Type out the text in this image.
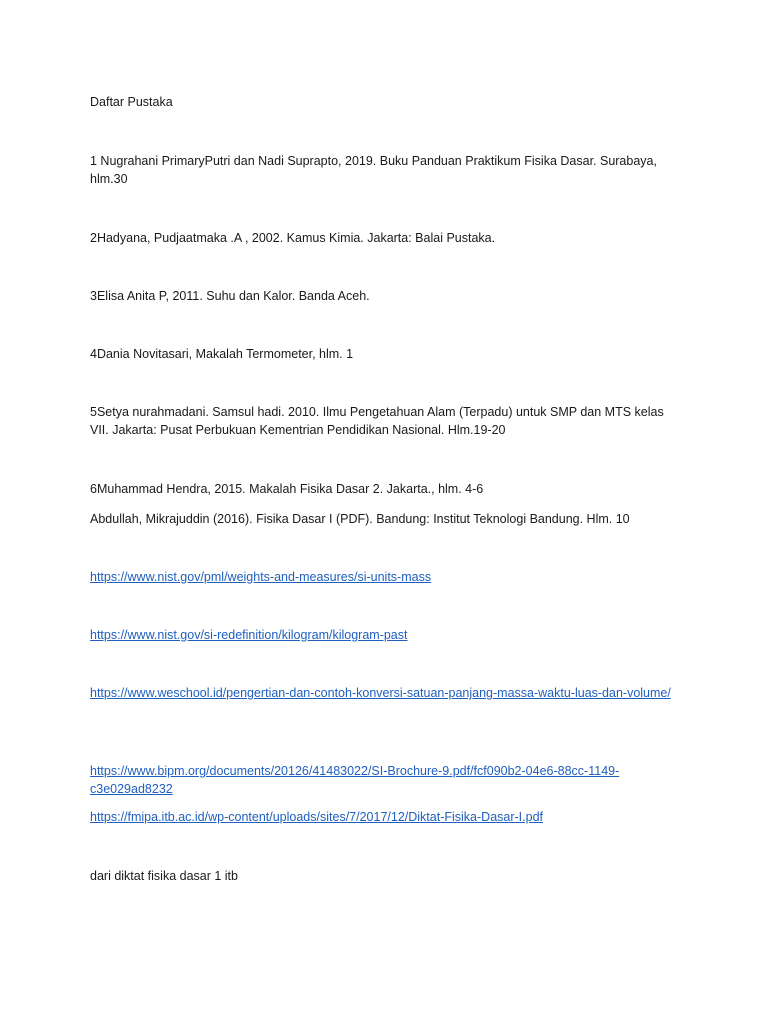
Daftar Pustaka
1 Nugrahani PrimaryPutri dan Nadi Suprapto, 2019. Buku Panduan Praktikum Fisika Dasar. Surabaya, hlm.30
2Hadyana, Pudjaatmaka .A , 2002. Kamus Kimia. Jakarta: Balai Pustaka.
3Elisa Anita P, 2011. Suhu dan Kalor. Banda Aceh.
4Dania Novitasari, Makalah Termometer, hlm. 1
5Setya nurahmadani. Samsul hadi. 2010. Ilmu Pengetahuan Alam (Terpadu) untuk SMP dan MTS kelas VII. Jakarta: Pusat Perbukuan Kementrian Pendidikan Nasional. Hlm.19-20
6Muhammad Hendra, 2015. Makalah Fisika Dasar 2. Jakarta., hlm. 4-6
Abdullah, Mikrajuddin (2016). Fisika Dasar I (PDF). Bandung: Institut Teknologi Bandung. Hlm. 10
https://www.nist.gov/pml/weights-and-measures/si-units-mass
https://www.nist.gov/si-redefinition/kilogram/kilogram-past
https://www.weschool.id/pengertian-dan-contoh-konversi-satuan-panjang-massa-waktu-luas-dan-volume/
https://www.bipm.org/documents/20126/41483022/SI-Brochure-9.pdf/fcf090b2-04e6-88cc-1149-c3e029ad8232
https://fmipa.itb.ac.id/wp-content/uploads/sites/7/2017/12/Diktat-Fisika-Dasar-I.pdf
dari diktat fisika dasar 1 itb
